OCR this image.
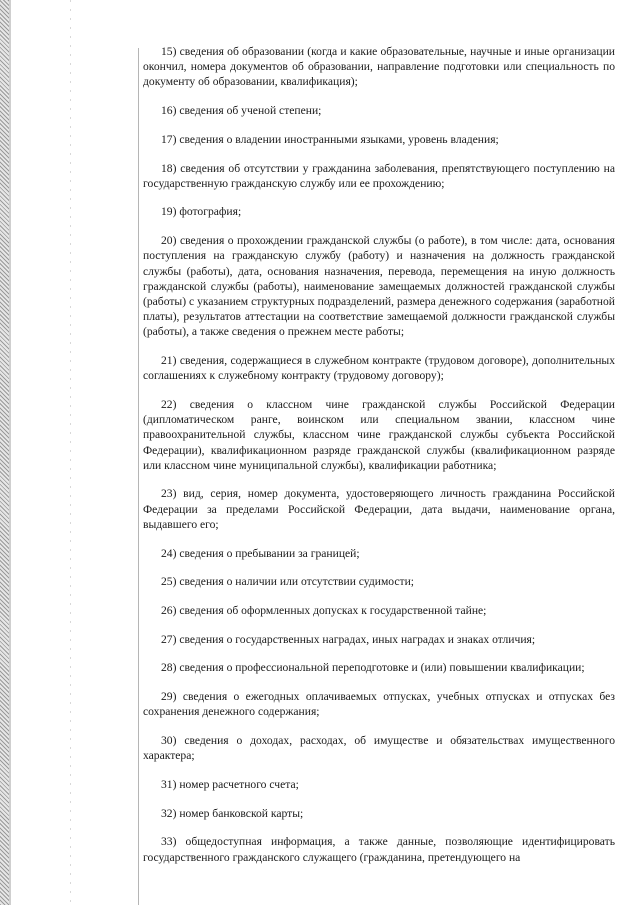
15) сведения об образовании (когда и какие образовательные, научные и иные организации окончил, номера документов об образовании, направление подготовки или специальность по документу об образовании, квалификация);

16) сведения об ученой степени;

17) сведения о владении иностранными языками, уровень владения;

18) сведения об отсутствии у гражданина заболевания, препятствующего поступлению на государственную гражданскую службу или ее прохождению;

19) фотография;

20) сведения о прохождении гражданской службы (о работе), в том числе: дата, основания поступления на гражданскую службу (работу) и назначения на должность гражданской службы (работы), дата, основания назначения, перевода, перемещения на иную должность гражданской службы (работы), наименование замещаемых должностей гражданской службы (работы) с указанием структурных подразделений, размера денежного содержания (заработной платы), результатов аттестации на соответствие замещаемой должности гражданской службы (работы), а также сведения о прежнем месте работы;

21) сведения, содержащиеся в служебном контракте (трудовом договоре), дополнительных соглашениях к служебному контракту (трудовому договору);

22) сведения о классном чине гражданской службы Российской Федерации (дипломатическом ранге, воинском или специальном звании, классном чине правоохранительной службы, классном чине гражданской службы субъекта Российской Федерации), квалификационном разряде гражданской службы (квалификационном разряде или классном чине муниципальной службы), квалификации работника;

23) вид, серия, номер документа, удостоверяющего личность гражданина Российской Федерации за пределами Российской Федерации, дата выдачи, наименование органа, выдавшего его;

24) сведения о пребывании за границей;

25) сведения о наличии или отсутствии судимости;

26) сведения об оформленных допусках к государственной тайне;

27) сведения о государственных наградах, иных наградах и знаках отличия;

28) сведения о профессиональной переподготовке и (или) повышении квалификации;

29) сведения о ежегодных оплачиваемых отпусках, учебных отпусках и отпусках без сохранения денежного содержания;

30) сведения о доходах, расходах, об имуществе и обязательствах имущественного характера;

31) номер расчетного счета;

32) номер банковской карты;

33) общедоступная информация, а также данные, позволяющие идентифицировать государственного гражданского служащего (гражданина, претендующего на
